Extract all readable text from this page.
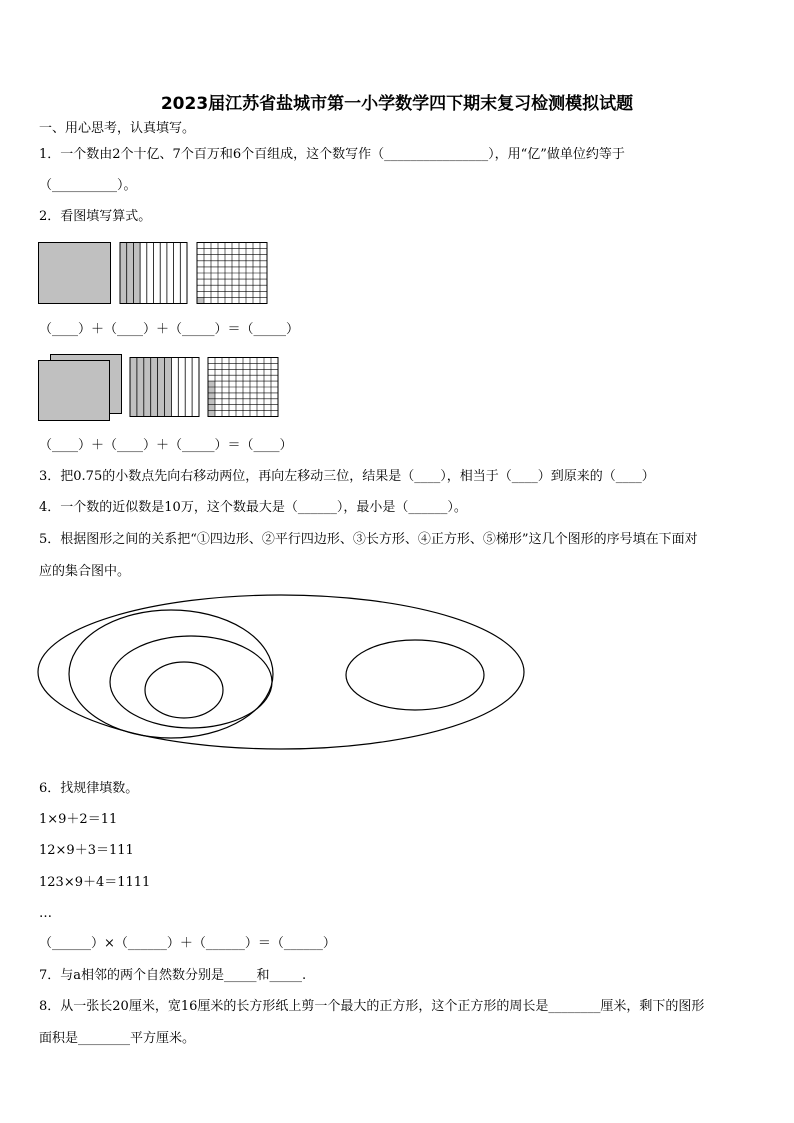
2023届江苏省盐城市第一小学数学四下期末复习检测模拟试题
一、用心思考，认真填写。
1．一个数由2个十亿、7个百万和6个百组成，这个数写作（________________），用“亿”做单位约等于
（__________）。
2．看图填写算式。
（____）＋（____）＋（_____）＝（_____）
（____）＋（____）＋（_____）＝（____）
3．把0.75的小数点先向右移动两位，再向左移动三位，结果是（____），相当于（____）到原来的（____）
4．一个数的近似数是10万，这个数最大是（______），最小是（______）。
5．根据图形之间的关系把“①四边形、②平行四边形、③长方形、④正方形、⑤梯形”这几个图形的序号填在下面对
应的集合图中。
6．找规律填数。
1×9＋2＝11
12×9＋3＝111
123×9＋4＝1111
…
（______）×（______）＋（______）＝（______）
7．与a相邻的两个自然数分别是_____和_____.
8．从一张长20厘米，宽16厘米的长方形纸上剪一个最大的正方形，这个正方形的周长是________厘米，剩下的图形
面积是________平方厘米。
